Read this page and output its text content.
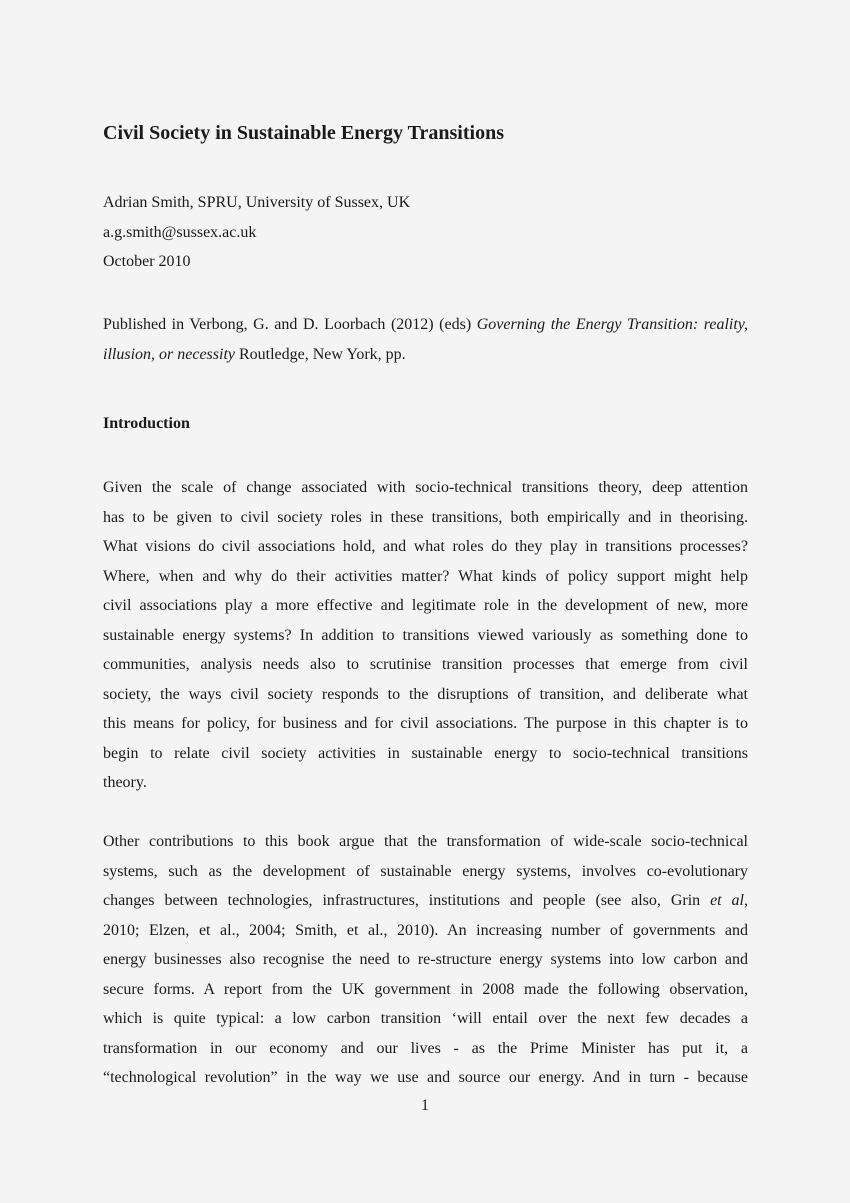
Civil Society in Sustainable Energy Transitions
Adrian Smith, SPRU, University of Sussex, UK
a.g.smith@sussex.ac.uk
October 2010
Published in Verbong, G. and D. Loorbach (2012) (eds) Governing the Energy Transition: reality, illusion, or necessity Routledge, New York, pp.
Introduction
Given the scale of change associated with socio-technical transitions theory, deep attention
has to be given to civil society roles in these transitions, both empirically and in theorising.
What visions do civil associations hold, and what roles do they play in transitions processes?
Where, when and why do their activities matter? What kinds of policy support might help
civil associations play a more effective and legitimate role in the development of new, more
sustainable energy systems? In addition to transitions viewed variously as something done to
communities, analysis needs also to scrutinise transition processes that emerge from civil
society, the ways civil society responds to the disruptions of transition, and deliberate what
this means for policy, for business and for civil associations. The purpose in this chapter is to
begin to relate civil society activities in sustainable energy to socio-technical transitions
theory.
Other contributions to this book argue that the transformation of wide-scale socio-technical
systems, such as the development of sustainable energy systems, involves co-evolutionary
changes between technologies, infrastructures, institutions and people (see also, Grin et al,
2010; Elzen, et al., 2004; Smith, et al., 2010). An increasing number of governments and
energy businesses also recognise the need to re-structure energy systems into low carbon and
secure forms. A report from the UK government in 2008 made the following observation,
which is quite typical: a low carbon transition ‘will entail over the next few decades a
transformation in our economy and our lives - as the Prime Minister has put it, a
“technological revolution” in the way we use and source our energy. And in turn - because
1
